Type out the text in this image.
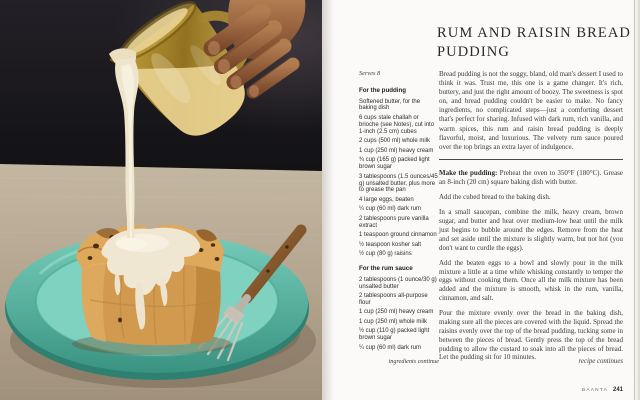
RUM AND RAISIN BREAD
PUDDING
Serves 8
For the pudding
Softened butter, for the baking dish
6 cups stale challah or brioche (see Notes), cut into 1-inch (2.5 cm) cubes
2 cups (500 ml) whole milk
1 cup (250 ml) heavy cream
¾ cup (165 g) packed light brown sugar
3 tablespoons (1.5 ounces/45 g) unsalted butter, plus more to grease the pan
4 large eggs, beaten
¼ cup (60 ml) dark rum
2 tablespoons pure vanilla extract
1 teaspoon ground cinnamon
½ teaspoon kosher salt
½ cup (80 g) raisins
For the rum sauce
2 tablespoons (1 ounce/30 g) unsalted butter
2 tablespoons all-purpose flour
1 cup (250 ml) heavy cream
1 cup (250 ml) whole milk
½ cup (110 g) packed light brown sugar
¼ cup (60 ml) dark rum
ingredients continue

Bread pudding is not the soggy, bland, old man's dessert I used to think it was. Trust me, this one is a game changer. It's rich, buttery, and just the right amount of boozy. The sweetness is spot on, and bread pudding couldn't be easier to make. No fancy ingredients, no complicated steps—just a comforting dessert that's perfect for sharing. Infused with dark rum, rich vanilla, and warm spices, this rum and raisin bread pudding is deeply flavorful, moist, and luxurious. The velvety rum sauce poured over the top brings an extra layer of indulgence.

Make the pudding: Preheat the oven to 350°F (180°C). Grease an 8-inch (20 cm) square baking dish with butter.

Add the cubed bread to the baking dish.

In a small saucepan, combine the milk, heavy cream, brown sugar, and butter and heat over medium-low heat until the milk just begins to bubble around the edges. Remove from the heat and set aside until the mixture is slightly warm, but not hot (you don't want to curdle the eggs).

Add the beaten eggs to a bowl and slowly pour in the milk mixture a little at a time while whisking constantly to temper the eggs without cooking them. Once all the milk mixture has been added and the mixture is smooth, whisk in the rum, vanilla, cinnamon, and salt.

Pour the mixture evenly over the bread in the baking dish, making sure all the pieces are covered with the liquid. Spread the raisins evenly over the top of the bread pudding, tucking some in between the pieces of bread. Gently press the top of the bread pudding to allow the custard to soak into all the pieces of bread. Let the pudding sit for 10 minutes.

recipe continues
BAANTA 241
